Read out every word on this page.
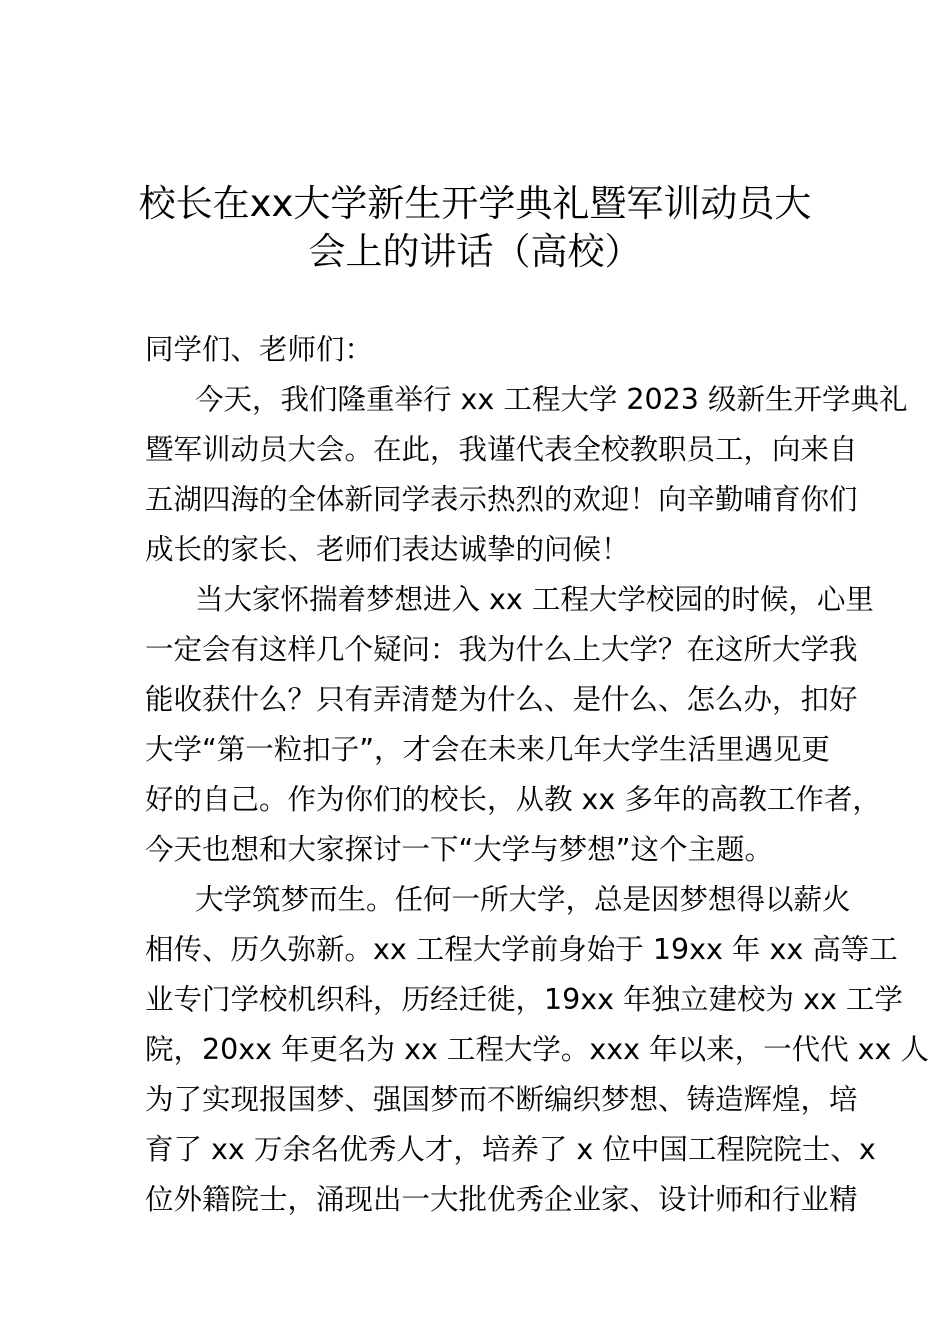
校长在xx大学新生开学典礼暨军训动员大
会上的讲话（高校）
同学们、老师们：
今天，我们隆重举行 xx 工程大学 2023 级新生开学典礼
暨军训动员大会。在此，我谨代表全校教职员工，向来自
五湖四海的全体新同学表示热烈的欢迎！向辛勤哺育你们
成长的家长、老师们表达诚挚的问候！
当大家怀揣着梦想进入 xx 工程大学校园的时候，心里
一定会有这样几个疑问：我为什么上大学？在这所大学我
能收获什么？只有弄清楚为什么、是什么、怎么办，扣好
大学“第一粒扣子”，才会在未来几年大学生活里遇见更
好的自己。作为你们的校长，从教 xx 多年的高教工作者，
今天也想和大家探讨一下“大学与梦想”这个主题。
大学筑梦而生。任何一所大学，总是因梦想得以薪火
相传、历久弥新。xx 工程大学前身始于 19xx 年 xx 高等工
业专门学校机织科，历经迁徙，19xx 年独立建校为 xx 工学
院，20xx 年更名为 xx 工程大学。xxx 年以来，一代代 xx 人
为了实现报国梦、强国梦而不断编织梦想、铸造辉煌，培
育了 xx 万余名优秀人才，培养了 x 位中国工程院院士、x
位外籍院士，涌现出一大批优秀企业家、设计师和行业精
